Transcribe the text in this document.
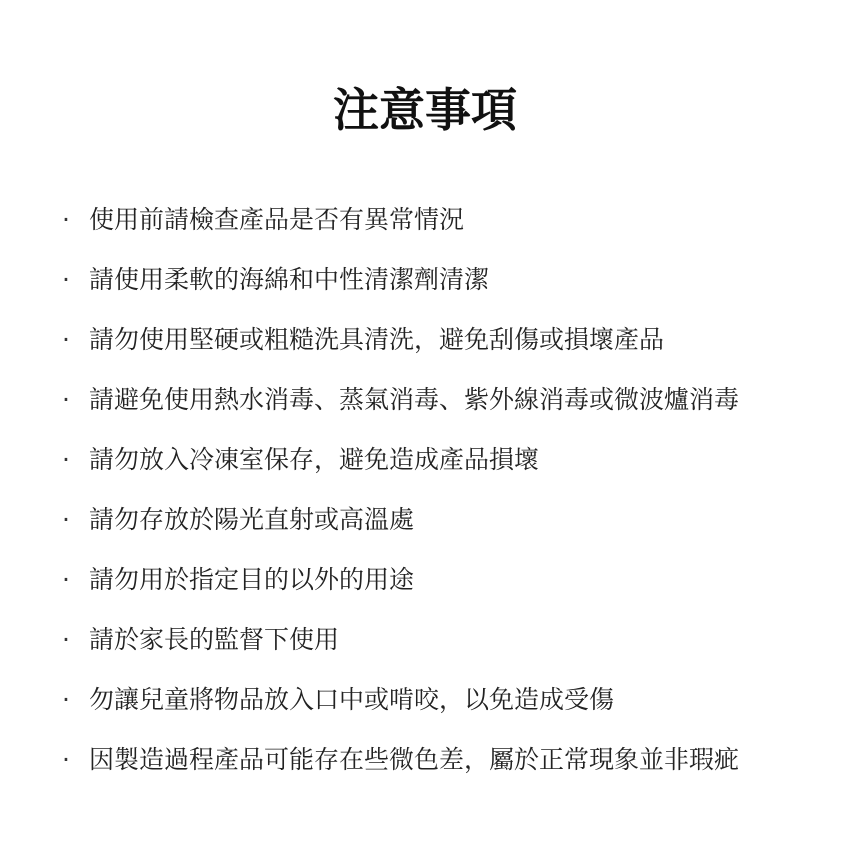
注意事項
· 使用前請檢查產品是否有異常情況
· 請使用柔軟的海綿和中性清潔劑清潔
· 請勿使用堅硬或粗糙洗具清洗，避免刮傷或損壞產品
· 請避免使用熱水消毒、蒸氣消毒、紫外線消毒或微波爐消毒
· 請勿放入冷凍室保存，避免造成產品損壞
· 請勿存放於陽光直射或高溫處
· 請勿用於指定目的以外的用途
· 請於家長的監督下使用
· 勿讓兒童將物品放入口中或啃咬，以免造成受傷
· 因製造過程產品可能存在些微色差，屬於正常現象並非瑕疵
